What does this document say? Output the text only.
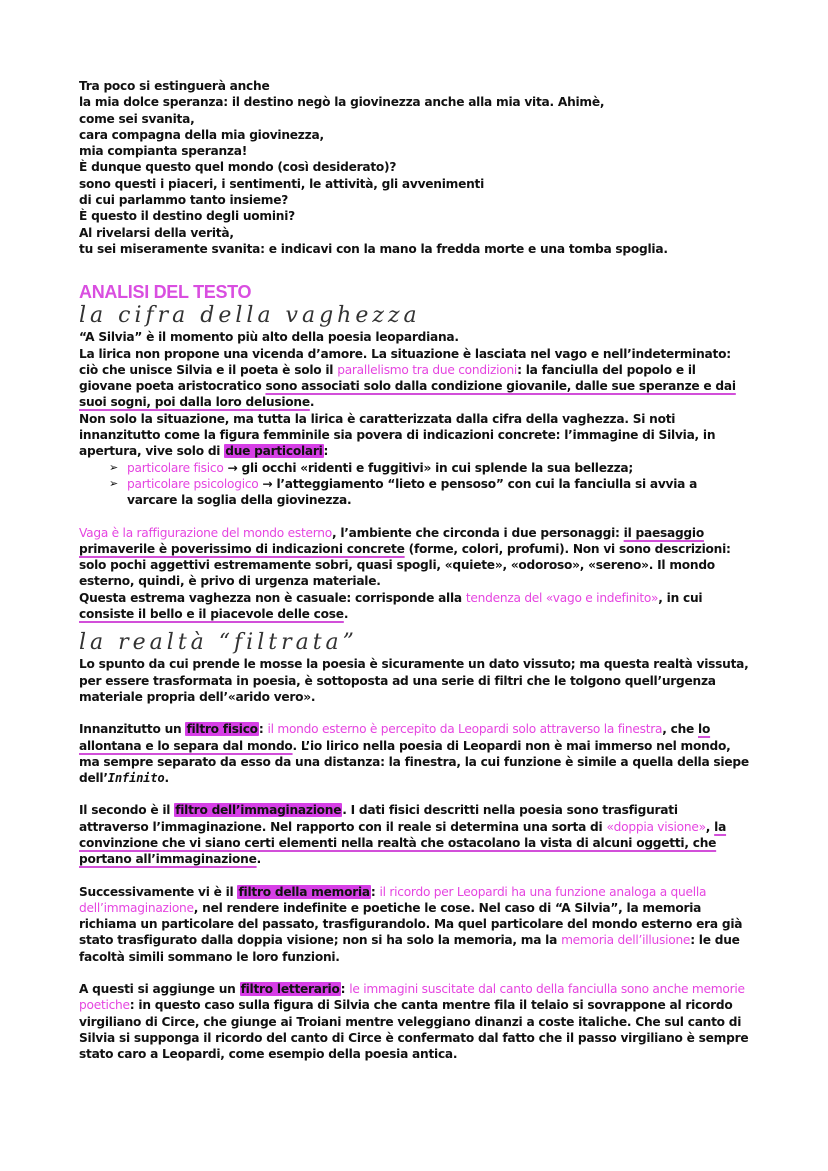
Tra poco si estinguerà anche
la mia dolce speranza: il destino negò la giovinezza anche alla mia vita. Ahimè,
come sei svanita,
cara compagna della mia giovinezza,
mia compianta speranza!
È dunque questo quel mondo (così desiderato)?
sono questi i piaceri, i sentimenti, le attività, gli avvenimenti
di cui parlammo tanto insieme?
È questo il destino degli uomini?
Al rivelarsi della verità,
tu sei miseramente svanita: e indicavi con la mano la fredda morte e una tomba spoglia.
ANALISI DEL TESTO
la cifra della vaghezza
“A Silvia” è il momento più alto della poesia leopardiana.
La lirica non propone una vicenda d’amore. La situazione è lasciata nel vago e nell’indeterminato: ciò che unisce Silvia e il poeta è solo il parallelismo tra due condizioni: la fanciulla del popolo e il giovane poeta aristocratico sono associati solo dalla condizione giovanile, dalle sue speranze e dai suoi sogni, poi dalla loro delusione.
Non solo la situazione, ma tutta la lirica è caratterizzata dalla cifra della vaghezza. Si noti innanzitutto come la figura femminile sia povera di indicazioni concrete: l’immagine di Silvia, in apertura, vive solo di due particolari:
➢ particolare fisico → gli occhi «ridenti e fuggitivi» in cui splende la sua bellezza;
➢ particolare psicologico → l’atteggiamento “lieto e pensoso” con cui la fanciulla si avvia a varcare la soglia della giovinezza.
Vaga è la raffigurazione del mondo esterno, l’ambiente che circonda i due personaggi: il paesaggio primaverile è poverissimo di indicazioni concrete (forme, colori, profumi). Non vi sono descrizioni: solo pochi aggettivi estremamente sobri, quasi spogli, «quiete», «odoroso», «sereno». Il mondo esterno, quindi, è privo di urgenza materiale.
Questa estrema vaghezza non è casuale: corrisponde alla tendenza del «vago e indefinito», in cui consiste il bello e il piacevole delle cose.
la realtà “filtrata”
Lo spunto da cui prende le mosse la poesia è sicuramente un dato vissuto; ma questa realtà vissuta, per essere trasformata in poesia, è sottoposta ad una serie di filtri che le tolgono quell’urgenza materiale propria dell’«arido vero».
Innanzitutto un filtro fisico: il mondo esterno è percepito da Leopardi solo attraverso la finestra, che lo allontana e lo separa dal mondo. L’io lirico nella poesia di Leopardi non è mai immerso nel mondo, ma sempre separato da esso da una distanza: la finestra, la cui funzione è simile a quella della siepe dell’Infinito.
Il secondo è il filtro dell’immaginazione. I dati fisici descritti nella poesia sono trasfigurati attraverso l’immaginazione. Nel rapporto con il reale si determina una sorta di «doppia visione», la convinzione che vi siano certi elementi nella realtà che ostacolano la vista di alcuni oggetti, che portano all’immaginazione.
Successivamente vi è il filtro della memoria: il ricordo per Leopardi ha una funzione analoga a quella dell’immaginazione, nel rendere indefinite e poetiche le cose. Nel caso di “A Silvia”, la memoria richiama un particolare del passato, trasfigurandolo. Ma quel particolare del mondo esterno era già stato trasfigurato dalla doppia visione; non si ha solo la memoria, ma la memoria dell’illusione: le due facoltà simili sommano le loro funzioni.
A questi si aggiunge un filtro letterario: le immagini suscitate dal canto della fanciulla sono anche memorie poetiche: in questo caso sulla figura di Silvia che canta mentre fila il telaio si sovrappone al ricordo virgiliano di Circe, che giunge ai Troiani mentre veleggiano dinanzi a coste italiche. Che sul canto di Silvia si supponga il ricordo del canto di Circe è confermato dal fatto che il passo virgiliano è sempre stato caro a Leopardi, come esempio della poesia antica.
